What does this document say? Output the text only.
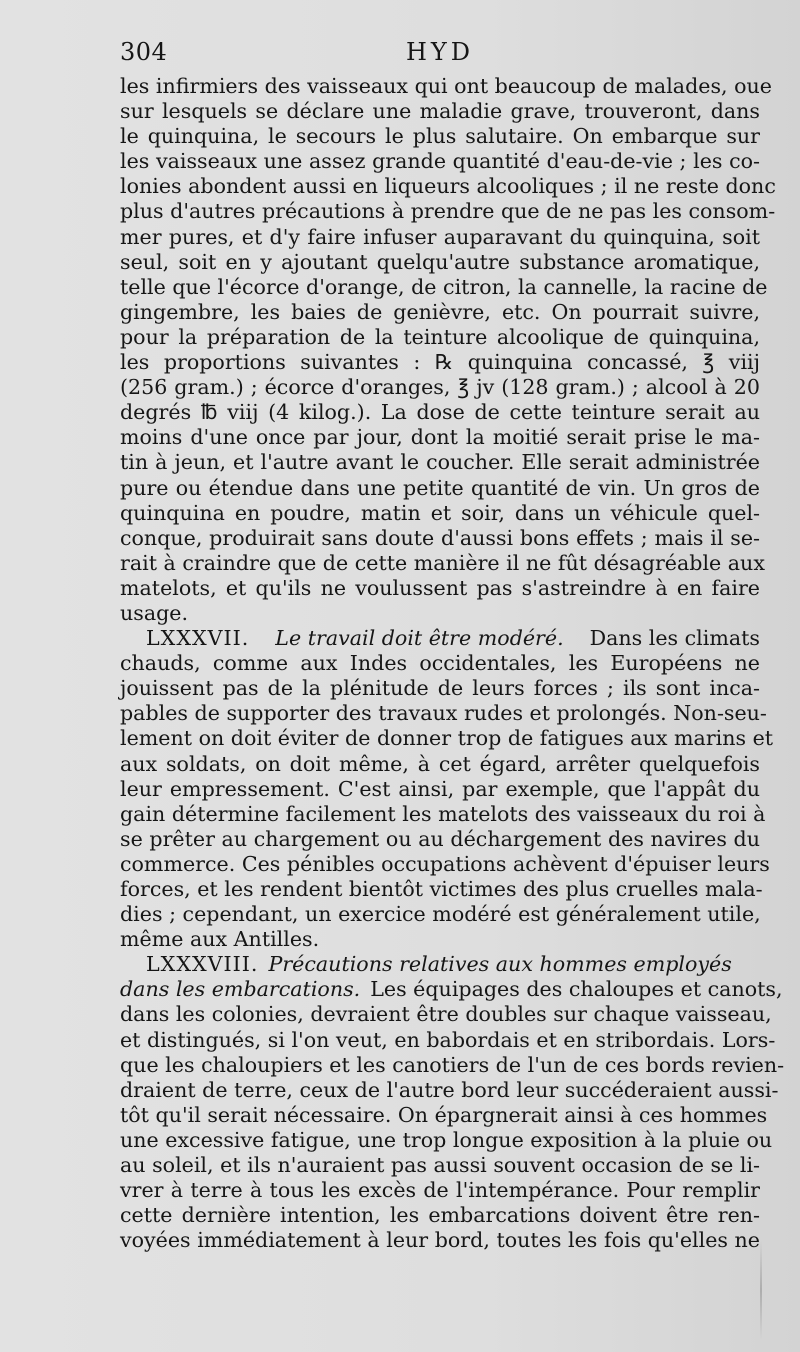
304	HYD
les infirmiers des vaisseaux qui ont beaucoup de malades, oue
sur lesquels se déclare une maladie grave, trouveront, dans
le quinquina, le secours le plus salutaire. On embarque sur
les vaisseaux une assez grande quantité d'eau-de-vie ; les co-
lonies abondent aussi en liqueurs alcooliques ; il ne reste donc
plus d'autres précautions à prendre que de ne pas les consom-
mer pures, et d'y faire infuser auparavant du quinquina, soit
seul, soit en y ajoutant quelqu'autre substance aromatique,
telle que l'écorce d'orange, de citron, la cannelle, la racine de
gingembre, les baies de genièvre, etc. On pourrait suivre,
pour la préparation de la teinture alcoolique de quinquina,
les proportions suivantes : ℞ quinquina concassé, ℥ viij
(256 gram.) ; écorce d'oranges, ℥ jv (128 gram.) ; alcool à 20
degrés ℔ viij (4 kilog.). La dose de cette teinture serait au
moins d'une once par jour, dont la moitié serait prise le ma-
tin à jeun, et l'autre avant le coucher. Elle serait administrée
pure ou étendue dans une petite quantité de vin. Un gros de
quinquina en poudre, matin et soir, dans un véhicule quel-
conque, produirait sans doute d'aussi bons effets ; mais il se-
rait à craindre que de cette manière il ne fût désagréable aux
matelots, et qu'ils ne voulussent pas s'astreindre à en faire
usage.
LXXXVII. Le travail doit être modéré. Dans les climats
chauds, comme aux Indes occidentales, les Européens ne
jouissent pas de la plénitude de leurs forces ; ils sont inca-
pables de supporter des travaux rudes et prolongés. Non-seu-
lement on doit éviter de donner trop de fatigues aux marins et
aux soldats, on doit même, à cet égard, arrêter quelquefois
leur empressement. C'est ainsi, par exemple, que l'appât du
gain détermine facilement les matelots des vaisseaux du roi à
se prêter au chargement ou au déchargement des navires du
commerce. Ces pénibles occupations achèvent d'épuiser leurs
forces, et les rendent bientôt victimes des plus cruelles mala-
dies ; cependant, un exercice modéré est généralement utile,
même aux Antilles.
LXXXVIII. Précautions relatives aux hommes employés
dans les embarcations. Les équipages des chaloupes et canots,
dans les colonies, devraient être doubles sur chaque vaisseau,
et distingués, si l'on veut, en babordais et en stribordais. Lors-
que les chaloupiers et les canotiers de l'un de ces bords revien-
draient de terre, ceux de l'autre bord leur succéderaient aussi-
tôt qu'il serait nécessaire. On épargnerait ainsi à ces hommes
une excessive fatigue, une trop longue exposition à la pluie ou
au soleil, et ils n'auraient pas aussi souvent occasion de se li-
vrer à terre à tous les excès de l'intempérance. Pour remplir
cette dernière intention, les embarcations doivent être ren-
voyées immédiatement à leur bord, toutes les fois qu'elles ne
